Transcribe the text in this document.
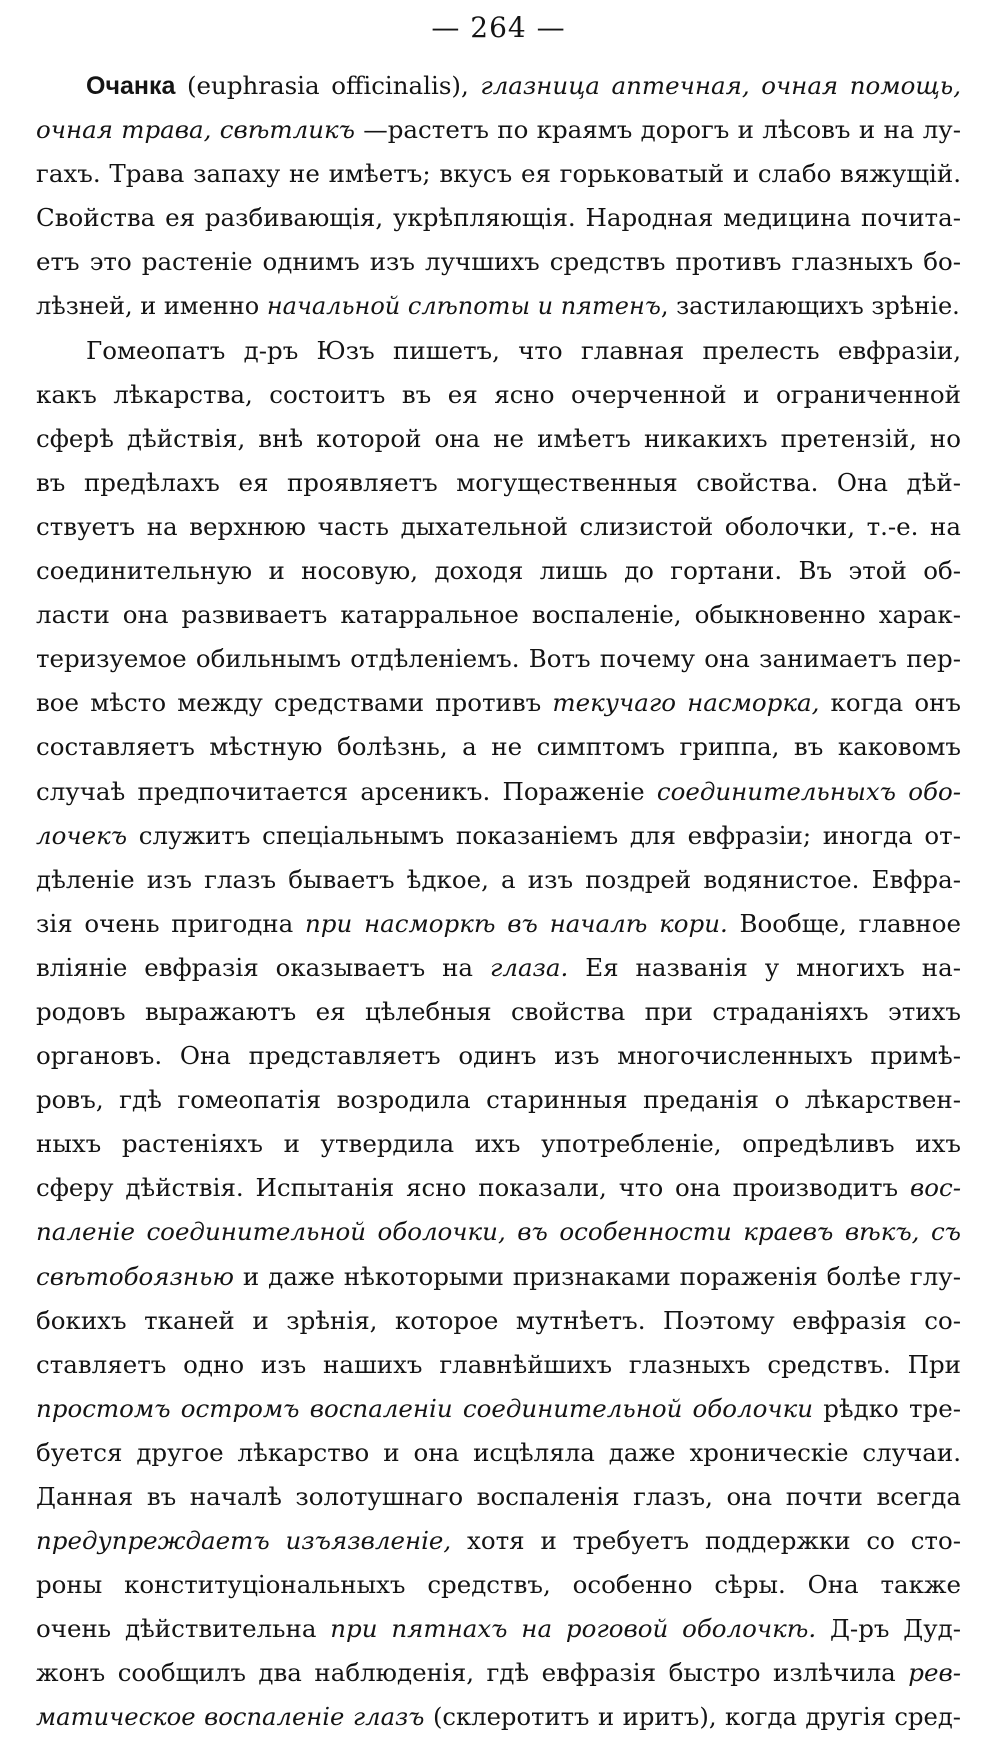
— 264 —
Очанка (euphrasia officinalis), глазница аптечная, очная помощь,
очная трава, свѣтликъ —растетъ по краямъ дорогъ и лѣсовъ и на лу-
гахъ. Трава запаху не имѣетъ; вкусъ ея горьковатый и слабо вяжущій.
Свойства ея разбивающія, укрѣпляющія. Народная медицина почита-
етъ это растеніе однимъ изъ лучшихъ средствъ противъ глазныхъ бо-
лѣзней, и именно начальной слѣпоты и пятенъ, застилающихъ зрѣніе.
Гомеопатъ д-ръ Юзъ пишетъ, что главная прелесть евфразіи,
какъ лѣкарства, состоитъ въ ея ясно очерченной и ограниченной
сферѣ дѣйствія, внѣ которой она не имѣетъ никакихъ претензій, но
въ предѣлахъ ея проявляетъ могущественныя свойства. Она дѣй-
ствуетъ на верхнюю часть дыхательной слизистой оболочки, т.-е. на
соединительную и носовую, доходя лишь до гортани. Въ этой об-
ласти она развиваетъ катарральное воспаленіе, обыкновенно харак-
теризуемое обильнымъ отдѣленіемъ. Вотъ почему она занимаетъ пер-
вое мѣсто между средствами противъ текучаго насморка, когда онъ
составляетъ мѣстную болѣзнь, а не симптомъ гриппа, въ каковомъ
случаѣ предпочитается арсеникъ. Пораженіе соединительныхъ обо-
лочекъ служитъ спеціальнымъ показаніемъ для евфразіи; иногда от-
дѣленіе изъ глазъ бываетъ ѣдкое, а изъ поздрей водянистое. Евфра-
зія очень пригодна при насморкѣ въ началѣ кори. Вообще, главное
вліяніе евфразія оказываетъ на глаза. Ея названія у многихъ на-
родовъ выражаютъ ея цѣлебныя свойства при страданіяхъ этихъ
органовъ. Она представляетъ одинъ изъ многочисленныхъ примѣ-
ровъ, гдѣ гомеопатія возродила старинныя преданія о лѣкарствен-
ныхъ растеніяхъ и утвердила ихъ употребленіе, опредѣливъ ихъ
сферу дѣйствія. Испытанія ясно показали, что она производитъ вос-
паленіе соединительной оболочки, въ особенности краевъ вѣкъ, съ
свѣтобоязнью и даже нѣкоторыми признаками пораженія болѣе глу-
бокихъ тканей и зрѣнія, которое мутнѣетъ. Поэтому евфразія со-
ставляетъ одно изъ нашихъ главнѣйшихъ глазныхъ средствъ. При
простомъ остромъ воспаленіи соединительной оболочки рѣдко тре-
буется другое лѣкарство и она исцѣляла даже хроническіе случаи.
Данная въ началѣ золотушнаго воспаленія глазъ, она почти всегда
предупреждаетъ изъязвленіе, хотя и требуетъ поддержки со сто-
роны конституціональныхъ средствъ, особенно сѣры. Она также
очень дѣйствительна при пятнахъ на роговой оболочкѣ. Д-ръ Дуд-
жонъ сообщилъ два наблюденія, гдѣ евфразія быстро излѣчила рев-
матическое воспаленіе глазъ (склеротитъ и иритъ), когда другія сред-
